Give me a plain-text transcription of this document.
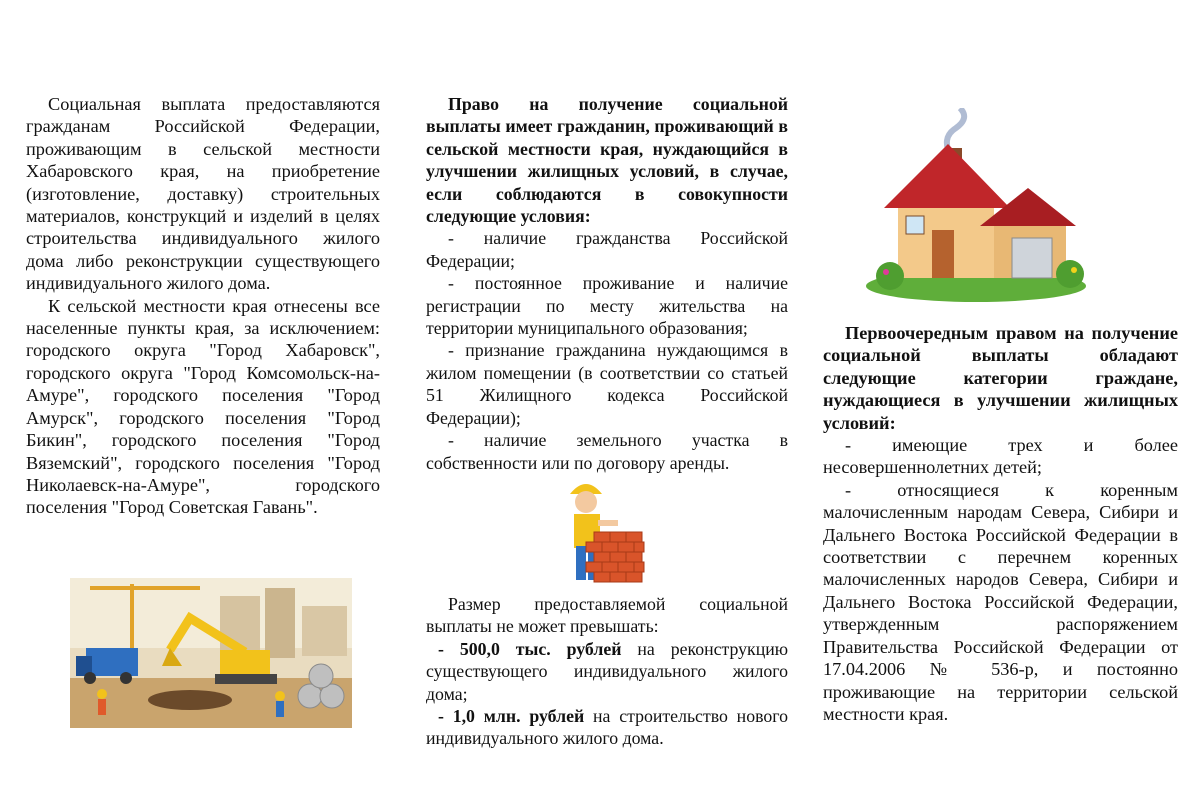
Социальная выплата предоставляются гражданам Российской Федерации, проживающим в сельской местности Хабаровского края, на приобретение (изготовление, доставку) строительных материалов, конструкций и изделий в целях строительства индивидуального жилого дома либо реконструкции существующего индивидуального жилого дома.

К сельской местности края отнесены все населенные пункты края, за исключением: городского округа "Город Хабаровск", городского округа "Город Комсомольск-на-Амуре", городского поселения "Город Амурск", городского поселения "Город Бикин", городского поселения "Город Вяземский", городского поселения "Город Николаевск-на-Амуре", городского поселения "Город Советская Гавань".

Право на получение социальной выплаты имеет гражданин, проживающий в сельской местности края, нуждающийся в улучшении жилищных условий, в случае, если соблюдаются в совокупности следующие условия:

- наличие гражданства Российской Федерации;

- постоянное проживание и наличие регистрации по месту жительства на территории муниципального образования;

- признание гражданина нуждающимся в жилом помещении (в соответствии со статьей 51 Жилищного кодекса Российской Федерации);

- наличие земельного участка в собственности или по договору аренды.

Размер предоставляемой социальной выплаты не может превышать:

- 500,0 тыс. рублей на реконструкцию существующего индивидуального жилого дома;

- 1,0 млн. рублей на строительство нового индивидуального жилого дома.

Первоочередным правом на получение социальной выплаты обладают следующие категории граждане, нуждающиеся в улучшении жилищных условий:

- имеющие трех и более несовершеннолетних детей;

- относящиеся к коренным малочисленным народам Севера, Сибири и Дальнего Востока Российской Федерации в соответствии с перечнем коренных малочисленных народов Севера, Сибири и Дальнего Востока Российской Федерации, утвержденным распоряжением Правительства Российской Федерации от 17.04.2006 № 536-р, и постоянно проживающие на территории сельской местности края.
